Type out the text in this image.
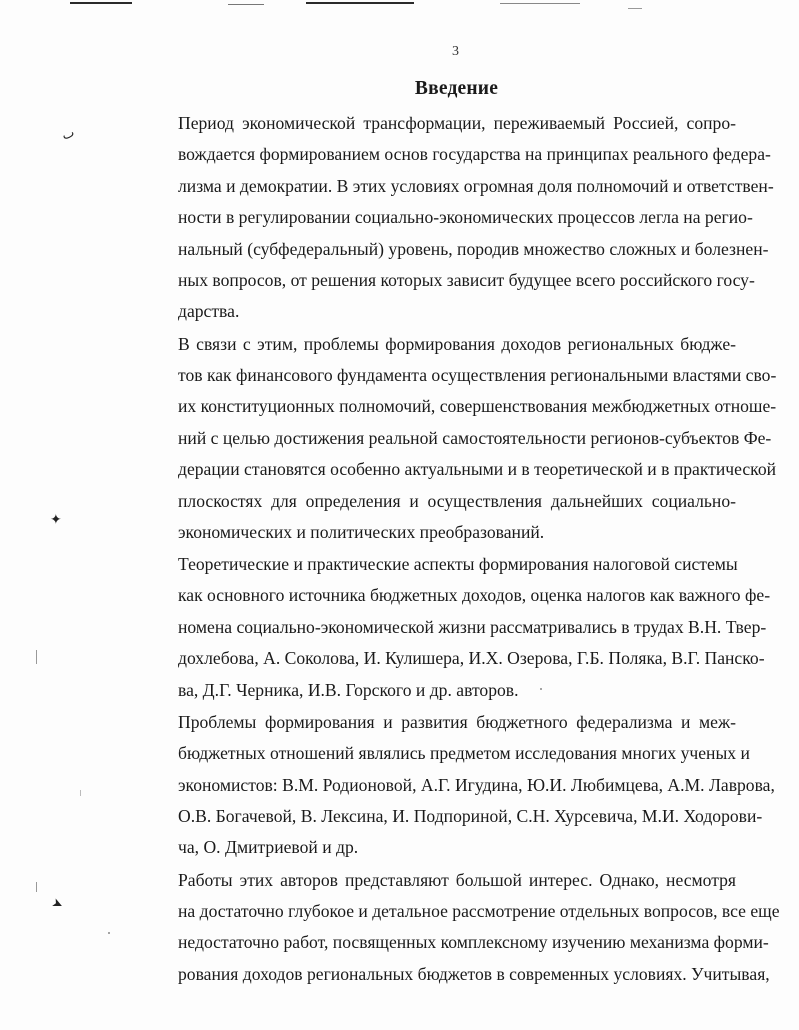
3
Введение
Период экономической трансформации, переживаемый Россией, сопро-
вождается формированием основ государства на принципах реального федера-
лизма и демократии. В этих условиях огромная доля полномочий и ответствен-
ности в регулировании социально-экономических процессов легла на регио-
нальный (субфедеральный) уровень, породив множество сложных и болезнен-
ных вопросов, от решения которых зависит будущее всего российского госу-
дарства.
В связи с этим, проблемы формирования доходов региональных бюдже-
тов как финансового фундамента осуществления региональными властями сво-
их конституционных полномочий, совершенствования межбюджетных отноше-
ний с целью достижения реальной самостоятельности регионов-субъектов Фе-
дерации становятся особенно актуальными и в теоретической и в практической
плоскостях для определения и осуществления дальнейших социально-
экономических и политических преобразований.
Теоретические и практические аспекты формирования налоговой системы
как основного источника бюджетных доходов, оценка налогов как важного фе-
номена социально-экономической жизни рассматривались в трудах В.Н. Твер-
дохлебова, А. Соколова, И. Кулишера, И.Х. Озерова, Г.Б. Поляка, В.Г. Панско-
ва, Д.Г. Черника, И.В. Горского и др. авторов.
Проблемы формирования и развития бюджетного федерализма и меж-
бюджетных отношений являлись предметом исследования многих ученых и
экономистов: В.М. Родионовой, А.Г. Игудина, Ю.И. Любимцева, А.М. Лаврова,
О.В. Богачевой, В. Лексина, И. Подпориной, С.Н. Хурсевича, М.И. Ходорови-
ча, О. Дмитриевой и др.
Работы этих авторов представляют большой интерес. Однако, несмотря
на достаточно глубокое и детальное рассмотрение отдельных вопросов, все еще
недостаточно работ, посвященных комплексному изучению механизма форми-
рования доходов региональных бюджетов в современных условиях. Учитывая,
ٮ
✦
➤
